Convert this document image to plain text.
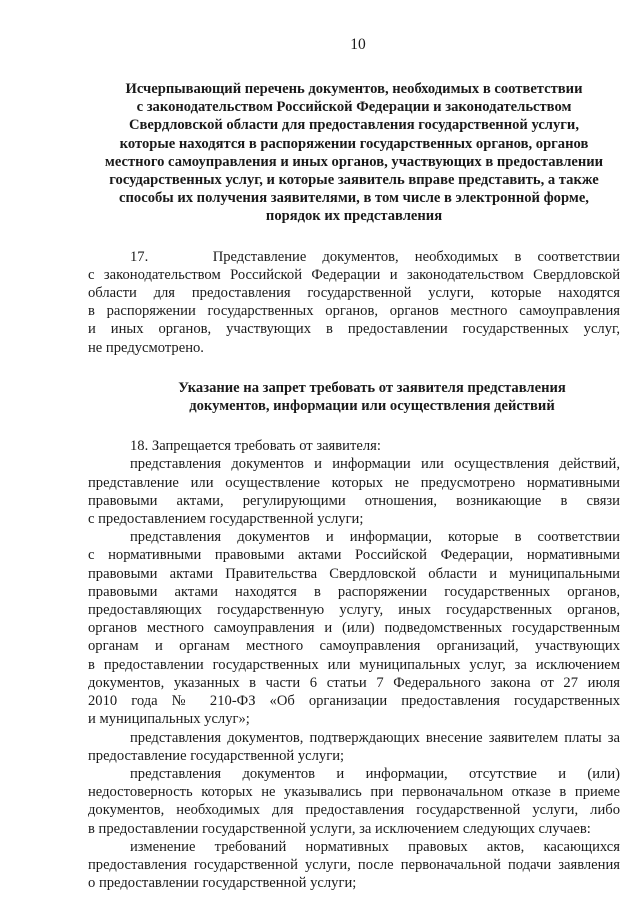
10
Исчерпывающий перечень документов, необходимых в соответствии
с законодательством Российской Федерации и законодательством
Свердловской области для предоставления государственной услуги,
которые находятся в распоряжении государственных органов, органов
местного самоуправления и иных органов, участвующих в предоставлении
государственных услуг, и которые заявитель вправе представить, а также
способы их получения заявителями, в том числе в электронной форме,
порядок их представления
17.    Представление документов, необходимых в соответствии
с законодательством Российской Федерации и законодательством Свердловской
области для предоставления государственной услуги, которые находятся
в распоряжении государственных органов, органов местного самоуправления
и иных органов, участвующих в предоставлении государственных услуг,
не предусмотрено.
Указание на запрет требовать от заявителя представления
документов, информации или осуществления действий
18. Запрещается требовать от заявителя:
представления документов и информации или осуществления действий,
представление или осуществление которых не предусмотрено нормативными
правовыми актами, регулирующими отношения, возникающие в связи
с предоставлением государственной услуги;
представления документов и информации, которые в соответствии
с нормативными правовыми актами Российской Федерации, нормативными
правовыми актами Правительства Свердловской области и муниципальными
правовыми актами находятся в распоряжении государственных органов,
предоставляющих государственную услугу, иных государственных органов,
органов местного самоуправления и (или) подведомственных государственным
органам и органам местного самоуправления организаций, участвующих
в предоставлении государственных или муниципальных услуг, за исключением
документов, указанных в части 6 статьи 7 Федерального закона от 27 июля
2010 года № 210-ФЗ «Об организации предоставления государственных
и муниципальных услуг»;
представления документов, подтверждающих внесение заявителем платы за
предоставление государственной услуги;
представления документов и информации, отсутствие и (или)
недостоверность которых не указывались при первоначальном отказе в приеме
документов, необходимых для предоставления государственной услуги, либо
в предоставлении государственной услуги, за исключением следующих случаев:
изменение требований нормативных правовых актов, касающихся
предоставления государственной услуги, после первоначальной подачи заявления
о предоставлении государственной услуги;
